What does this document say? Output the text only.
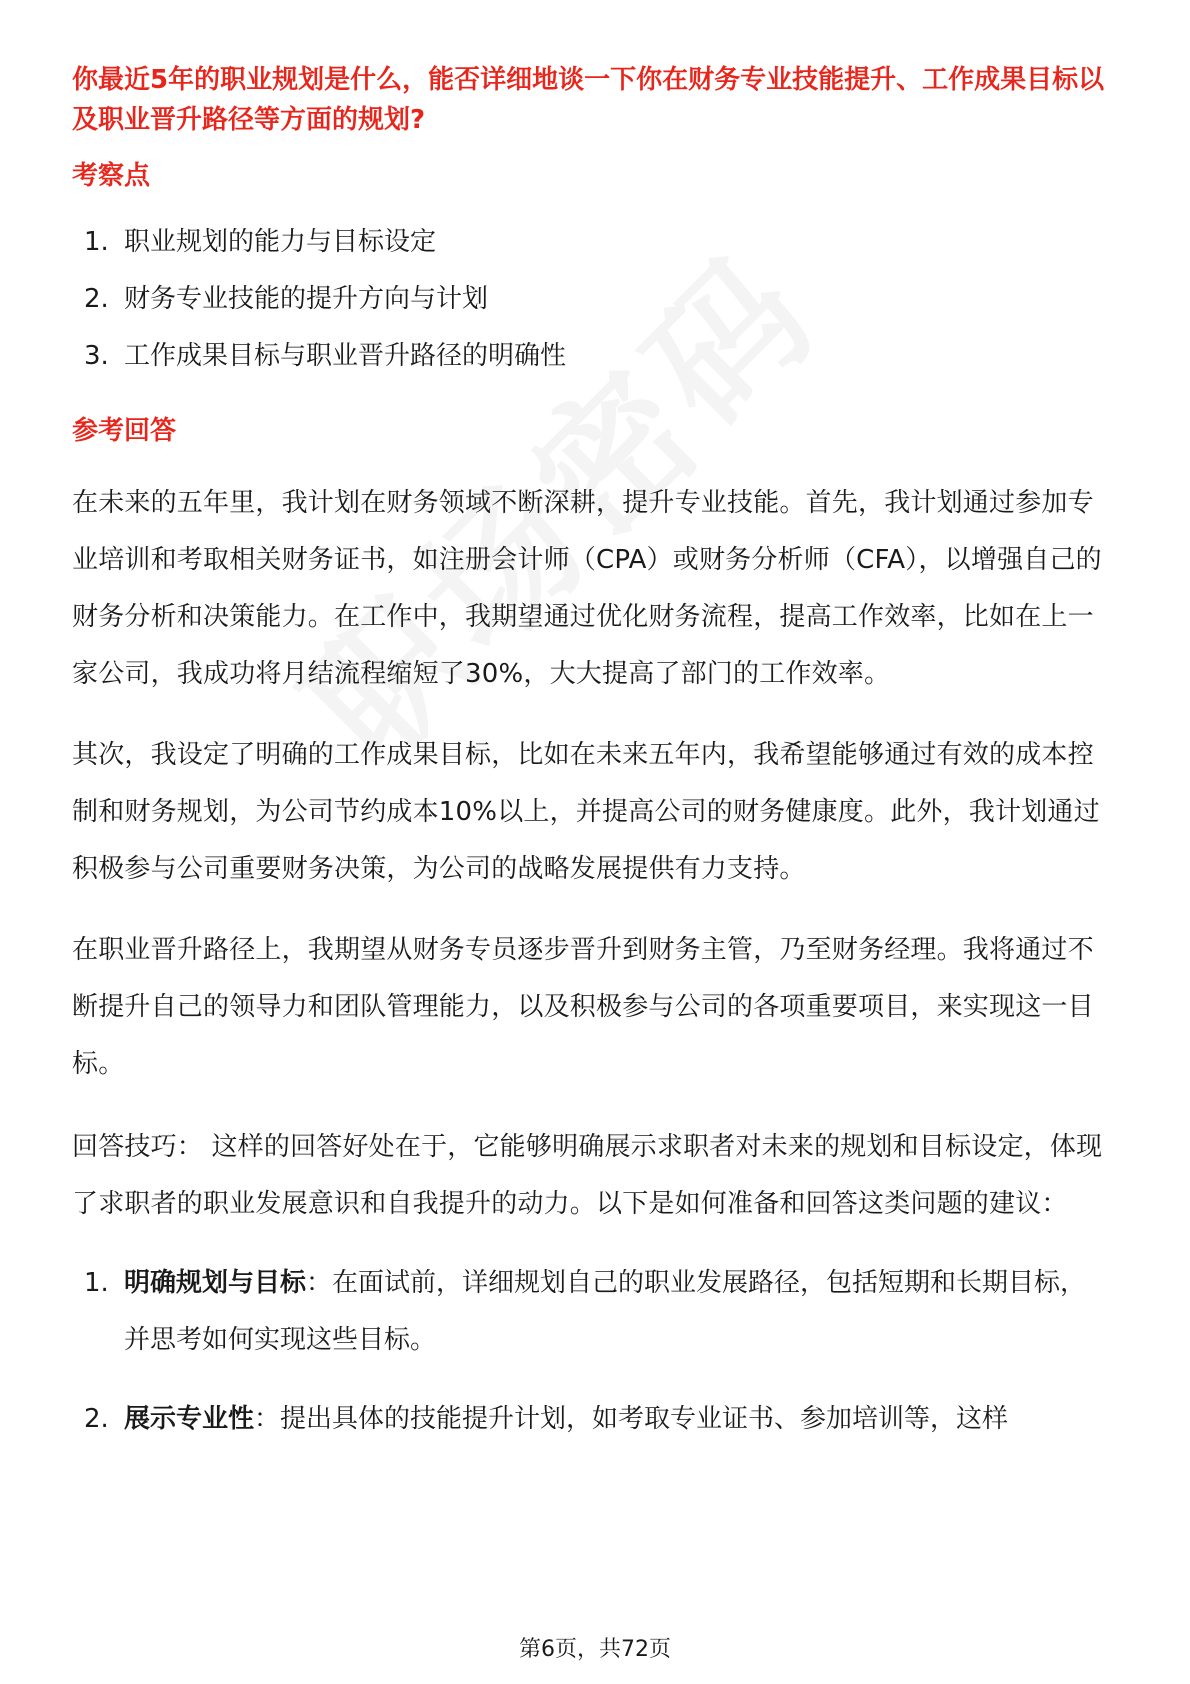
你最近5年的职业规划是什么，能否详细地谈一下你在财务专业技能提升、工作成果目标以及职业晋升路径等方面的规划?
考察点
1. 职业规划的能力与目标设定
2. 财务专业技能的提升方向与计划
3. 工作成果目标与职业晋升路径的明确性
参考回答

在未来的五年里，我计划在财务领域不断深耕，提升专业技能。首先，我计划通过参加专业培训和考取相关财务证书，如注册会计师（CPA）或财务分析师（CFA），以增强自己的财务分析和决策能力。在工作中，我期望通过优化财务流程，提高工作效率，比如在上一家公司，我成功将月结流程缩短了30%，大大提高了部门的工作效率。

其次，我设定了明确的工作成果目标，比如在未来五年内，我希望能够通过有效的成本控制和财务规划，为公司节约成本10%以上，并提高公司的财务健康度。此外，我计划通过积极参与公司重要财务决策，为公司的战略发展提供有力支持。

在职业晋升路径上，我期望从财务专员逐步晋升到财务主管，乃至财务经理。我将通过不断提升自己的领导力和团队管理能力，以及积极参与公司的各项重要项目，来实现这一目标。

回答技巧： 这样的回答好处在于，它能够明确展示求职者对未来的规划和目标设定，体现了求职者的职业发展意识和自我提升的动力。以下是如何准备和回答这类问题的建议：

1. 明确规划与目标：在面试前，详细规划自己的职业发展路径，包括短期和长期目标，并思考如何实现这些目标。
2. 展示专业性：提出具体的技能提升计划，如考取专业证书、参加培训等，这样
第6页，共72页
